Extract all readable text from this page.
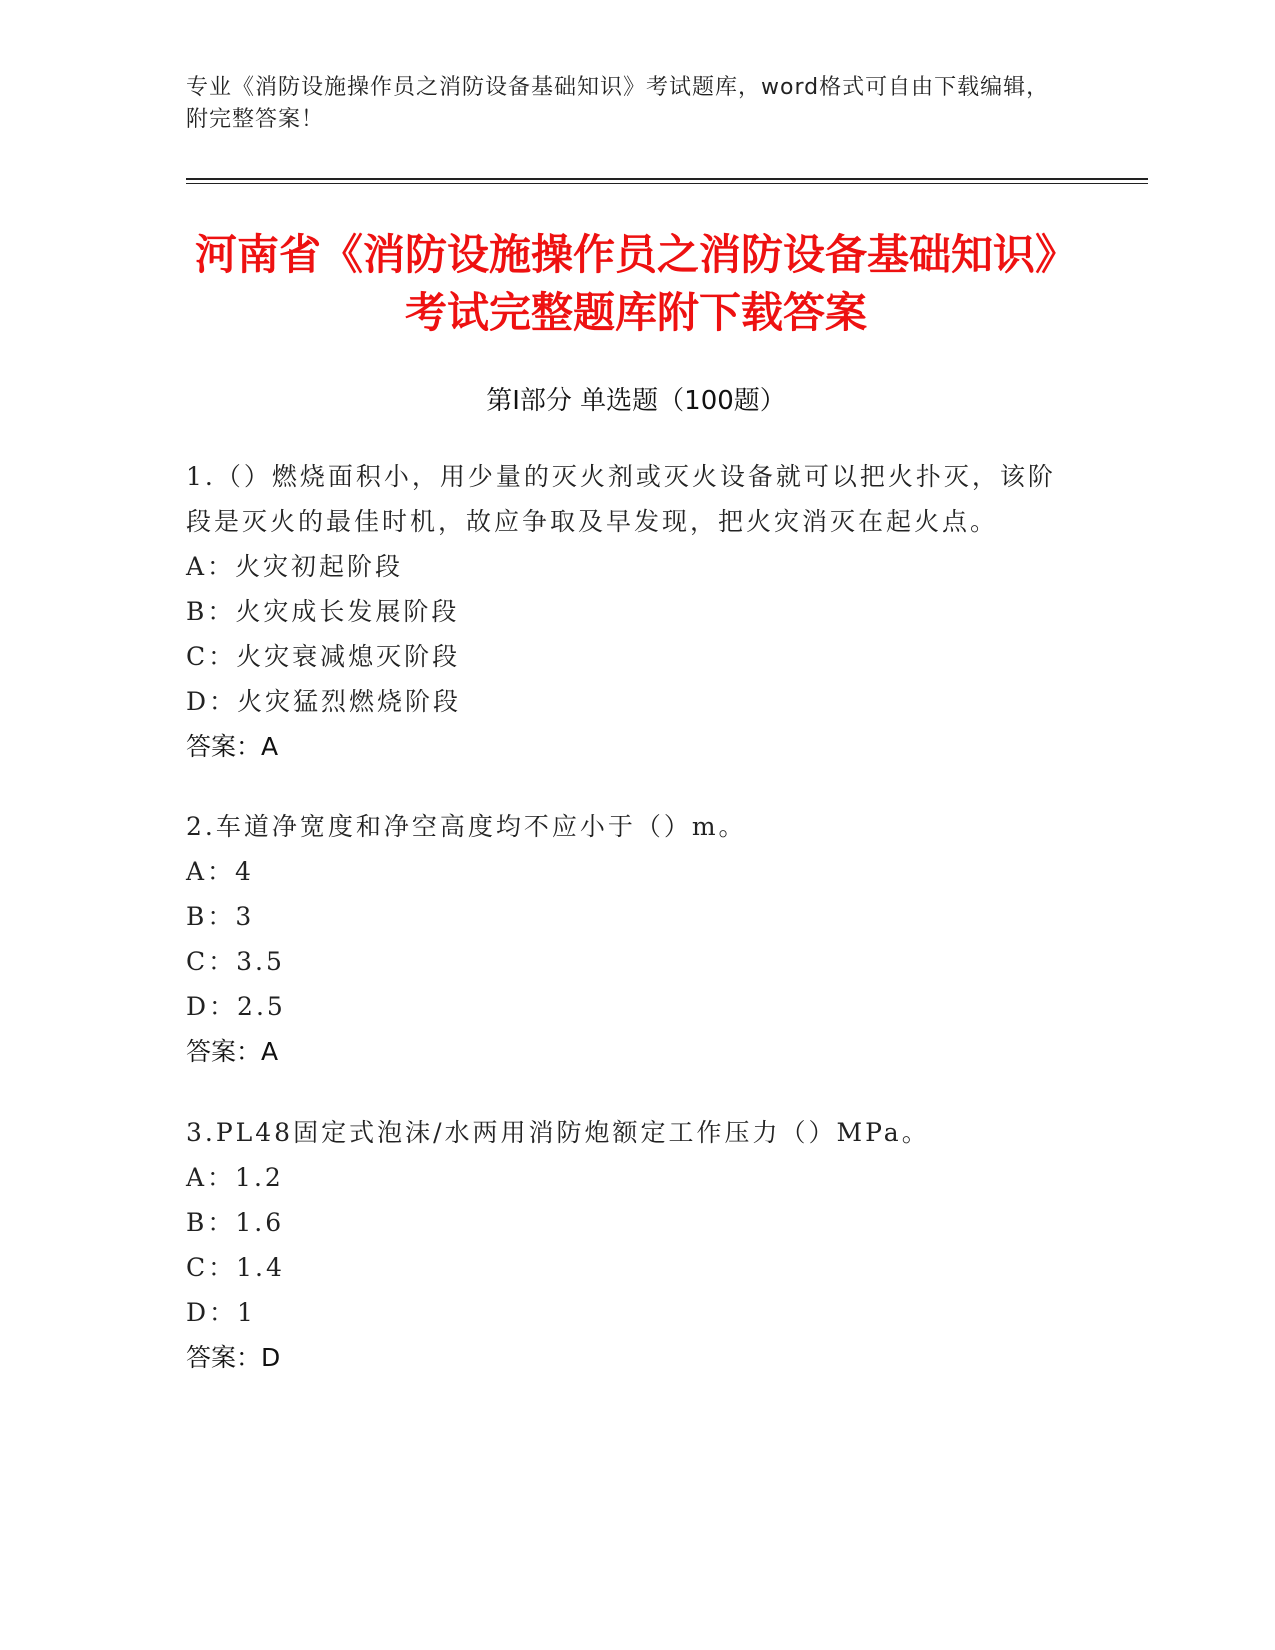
专业《消防设施操作员之消防设备基础知识》考试题库，word格式可自由下载编辑，附完整答案！
河南省《消防设施操作员之消防设备基础知识》考试完整题库附下载答案
第Ⅰ部分 单选题（100题）
1.（）燃烧面积小，用少量的灭火剂或灭火设备就可以把火扑灭，该阶段是灭火的最佳时机，故应争取及早发现，把火灾消灭在起火点。
A：火灾初起阶段
B：火灾成长发展阶段
C：火灾衰减熄灭阶段
D：火灾猛烈燃烧阶段
答案：A
2.车道净宽度和净空高度均不应小于（）m。
A：4
B：3
C：3.5
D：2.5
答案：A
3.PL48固定式泡沫/水两用消防炮额定工作压力（）MPa。
A：1.2
B：1.6
C：1.4
D：1
答案：D
